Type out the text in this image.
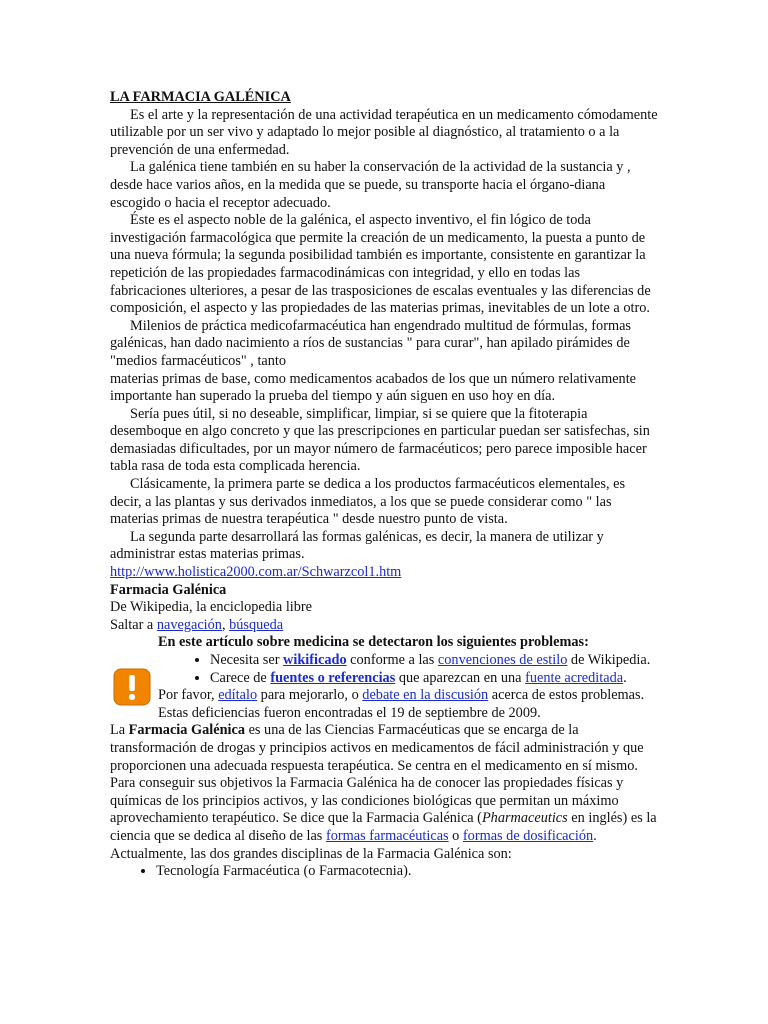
LA FARMACIA GALÉNICA

Es el arte y la representación de una actividad terapéutica en un medicamento cómodamente utilizable por un ser vivo y adaptado lo mejor posible al diagnóstico, al tratamiento o a la prevención de una enfermedad.

La galénica tiene también en su haber la conservación de la actividad de la sustancia y , desde hace varios años, en la medida que se puede, su transporte hacia el órgano-diana escogido o hacia el receptor adecuado.

Éste es el aspecto noble de la galénica, el aspecto inventivo, el fin lógico de toda investigación farmacológica que permite la creación de un medicamento, la puesta a punto de una nueva fórmula; la segunda posibilidad también es importante, consistente en garantizar la repetición de las propiedades farmacodinámicas con integridad, y ello en todas las fabricaciones ulteriores, a pesar de las trasposiciones de escalas eventuales y las diferencias de composición, el aspecto y las propiedades de las materias primas, inevitables de un lote a otro.

Milenios de práctica medicofarmacéutica han engendrado multitud de fórmulas, formas galénicas, han dado nacimiento a ríos de sustancias " para curar", han apilado pirámides de "medios farmacéuticos" , tanto

materias primas de base, como medicamentos acabados de los que un número relativamente importante han superado la prueba del tiempo y aún siguen en uso hoy en día.

Sería pues útil, si no deseable, simplificar, limpiar, si se quiere que la fitoterapia desemboque en algo concreto y que las prescripciones en particular puedan ser satisfechas, sin demasiadas dificultades, por un mayor número de farmacéuticos; pero parece imposible hacer tabla rasa de toda esta complicada herencia.

Clásicamente, la primera parte se dedica a los productos farmacéuticos elementales, es decir, a las plantas y sus derivados inmediatos, a los que se puede considerar como " las materias primas de nuestra terapéutica " desde nuestro punto de vista.

La segunda parte desarrollará las formas galénicas, es decir, la manera de utilizar y administrar estas materias primas.

http://www.holistica2000.com.ar/Schwarzcol1.htm

Farmacia Galénica

De Wikipedia, la enciclopedia libre

Saltar a navegación, búsqueda

En este artículo sobre medicina se detectaron los siguientes problemas:

• Necesita ser wikificado conforme a las convenciones de estilo de Wikipedia.
• Carece de fuentes o referencias que aparezcan en una fuente acreditada.

Por favor, edítalo para mejorarlo, o debate en la discusión acerca de estos problemas.

Estas deficiencias fueron encontradas el 19 de septiembre de 2009.

La Farmacia Galénica es una de las Ciencias Farmacéuticas que se encarga de la transformación de drogas y principios activos en medicamentos de fácil administración y que proporcionen una adecuada respuesta terapéutica. Se centra en el medicamento en sí mismo. Para conseguir sus objetivos la Farmacia Galénica ha de conocer las propiedades físicas y químicas de los principios activos, y las condiciones biológicas que permitan un máximo aprovechamiento terapéutico. Se dice que la Farmacia Galénica (Pharmaceutics en inglés) es la ciencia que se dedica al diseño de las formas farmacéuticas o formas de dosificación.

Actualmente, las dos grandes disciplinas de la Farmacia Galénica son:

• Tecnología Farmacéutica (o Farmacotecnia).
